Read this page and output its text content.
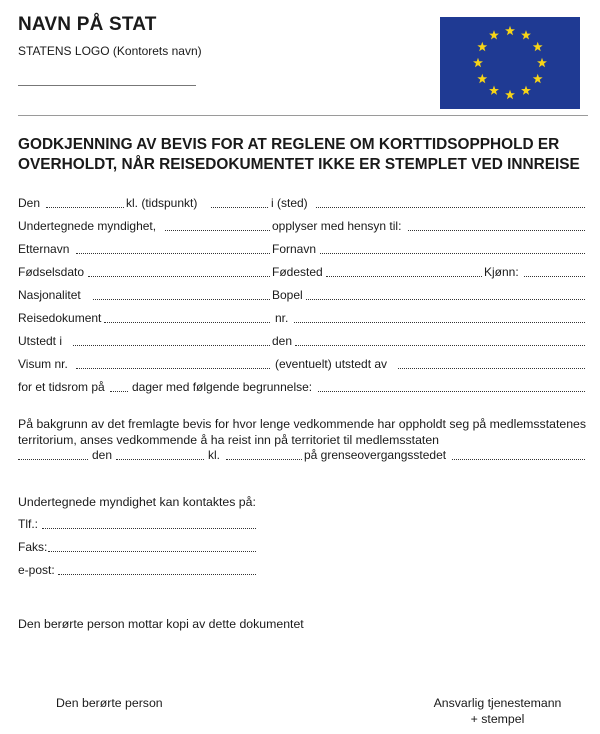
NAVN PÅ STAT
STATENS LOGO (Kontorets navn)
GODKJENNING AV BEVIS FOR AT REGLENE OM KORTTIDSOPPHOLD ER
OVERHOLDT, NÅR REISEDOKUMENTET IKKE ER STEMPLET VED INNREISE
Den	kl. (tidspunkt)	i (sted)
Undertegnede myndighet,	opplyser med hensyn til:
Etternavn	Fornavn
Fødselsdato	Fødested	Kjønn:
Nasjonalitet	Bopel
Reisedokument	nr.
Utstedt i	den
Visum nr.	(eventuelt) utstedt av
for et tidsrom på dager med følgende begrunnelse:
På bakgrunn av det fremlagte bevis for hvor lenge vedkommende har oppholdt seg på medlemsstatenes
territorium, anses vedkommende å ha reist inn på territoriet til medlemsstaten
den	kl.	på grenseovergangsstedet
Undertegnede myndighet kan kontaktes på:
Tlf.:
Faks:
e-post:
Den berørte person mottar kopi av dette dokumentet
Den berørte person	Ansvarlig tjenestemann
+ stempel
